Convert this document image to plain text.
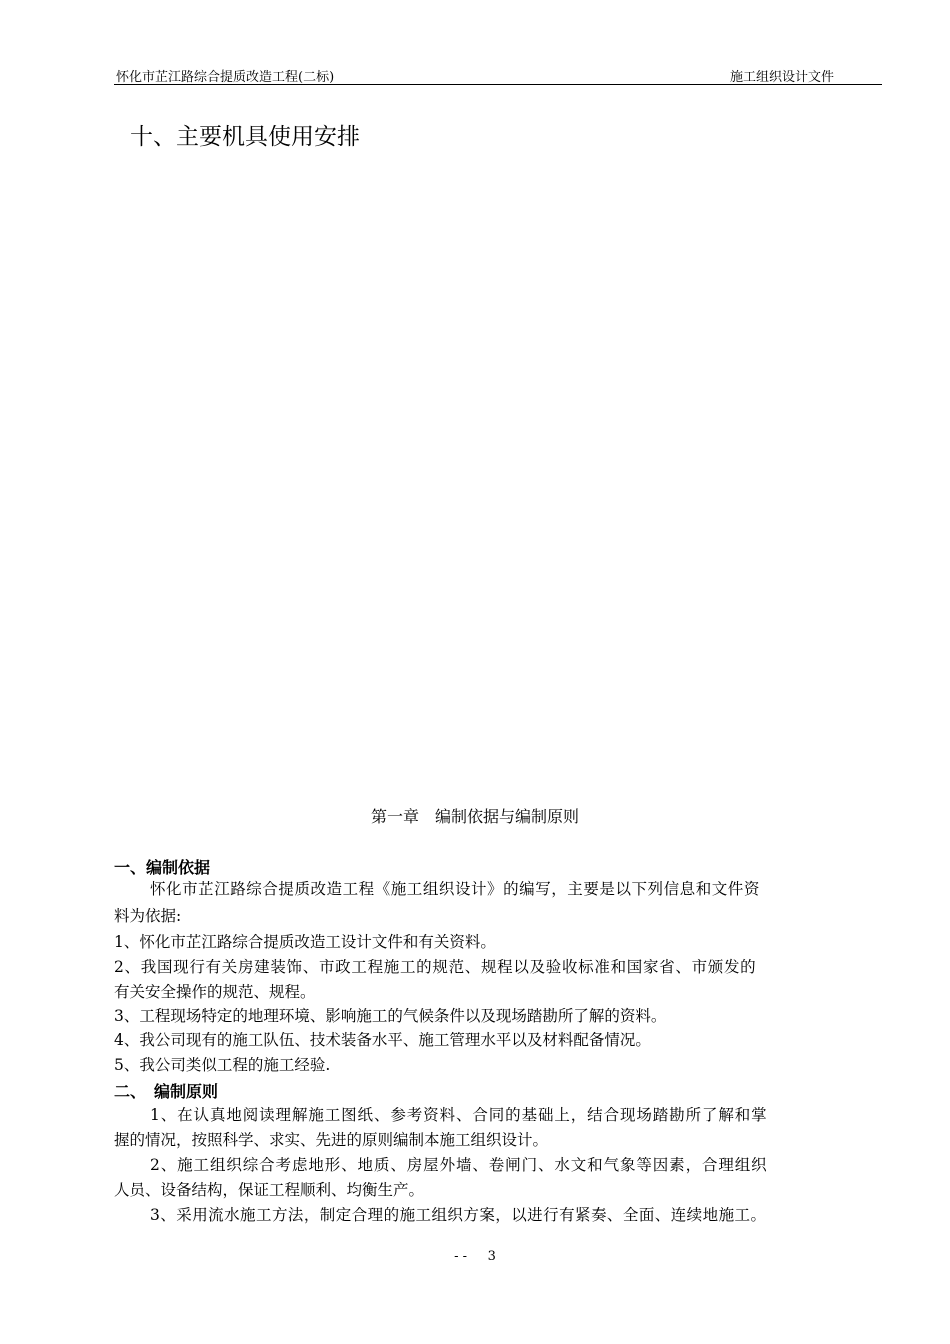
怀化市芷江路综合提质改造工程(二标)	施工组织设计文件
十、主要机具使用安排
第一章　编制依据与编制原则
一、编制依据
怀化市芷江路综合提质改造工程《施工组织设计》的编写，主要是以下列信息和文件资
料为依据:
1、怀化市芷江路综合提质改造工设计文件和有关资料。
2、我国现行有关房建装饰、市政工程施工的规范、规程以及验收标准和国家省、市颁发的
有关安全操作的规范、规程。
3、工程现场特定的地理环境、影响施工的气候条件以及现场踏勘所了解的资料。
4、我公司现有的施工队伍、技术装备水平、施工管理水平以及材料配备情况。
5、我公司类似工程的施工经验.
二、　编制原则
1、在认真地阅读理解施工图纸、参考资料、合同的基础上，结合现场踏勘所了解和掌
握的情况，按照科学、求实、先进的原则编制本施工组织设计。
2、施工组织综合考虑地形、地质、房屋外墙、卷闸门、水文和气象等因素，合理组织
人员、设备结构，保证工程顺利、均衡生产。
3、采用流水施工方法，制定合理的施工组织方案，以进行有紧奏、全面、连续地施工。
- -     3
